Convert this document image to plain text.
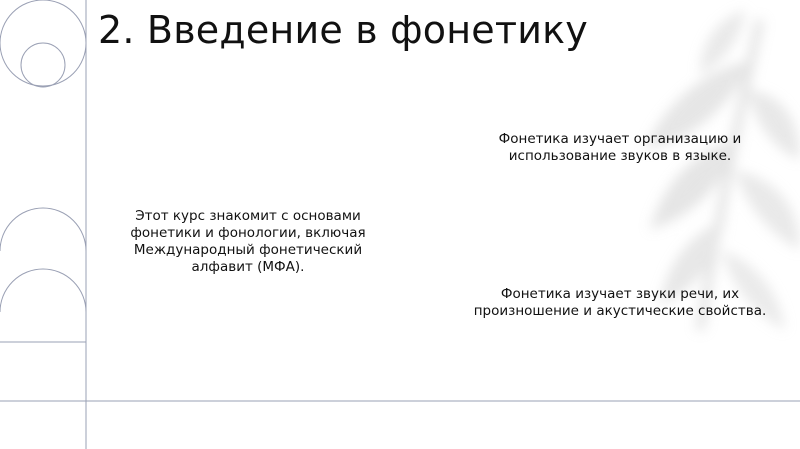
2. Введение в фонетику

Этот курс знакомит с основами фонетики и фонологии, включая Международный фонетический алфавит (МФА).

Фонетика изучает организацию и использование звуков в языке.

Фонетика изучает звуки речи, их произношение и акустические свойства.
